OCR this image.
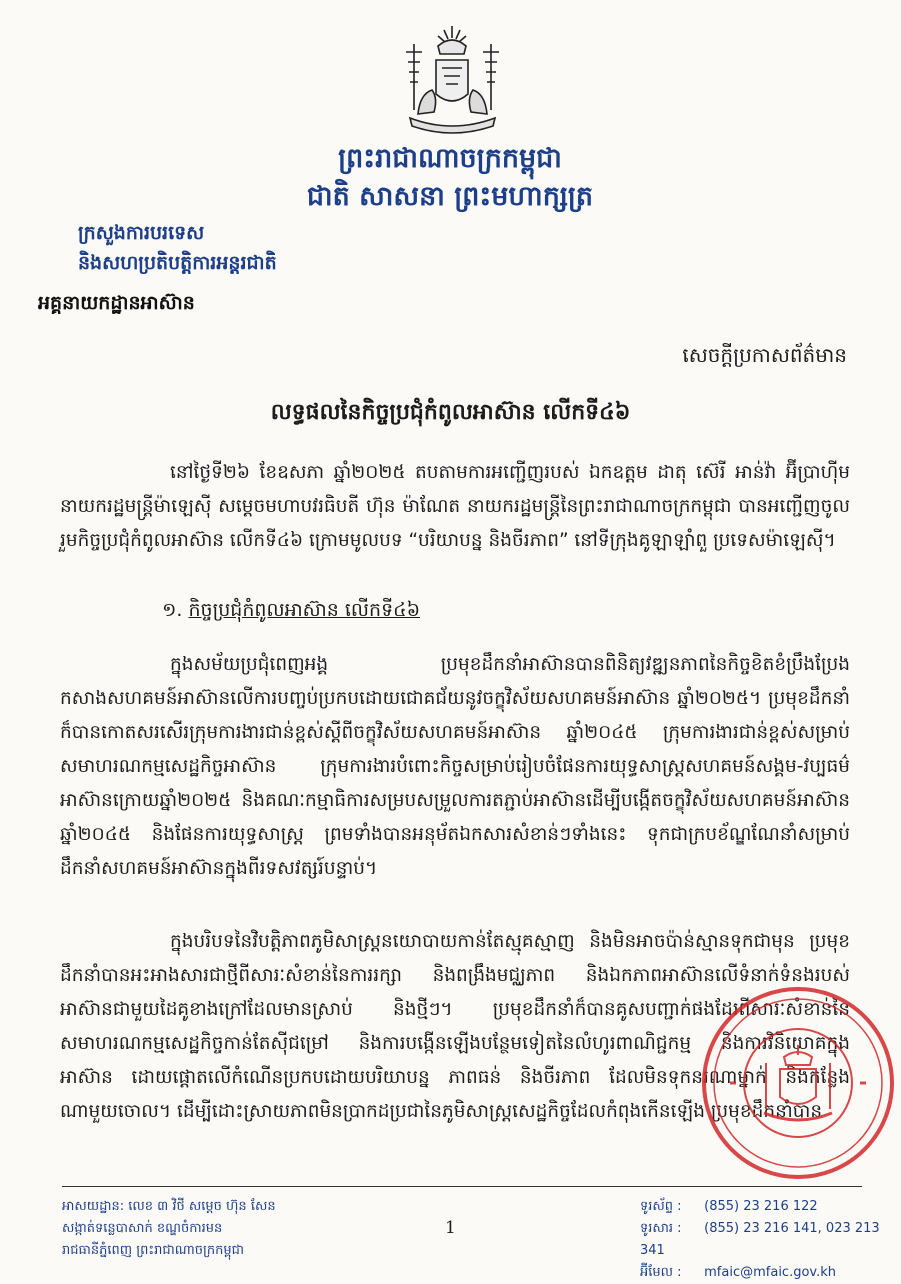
ព្រះរាជាណាចក្រកម្ពុជា
ជាតិ សាសនា ព្រះមហាក្សត្រ
ក្រសួងការបរទេស
និងសហប្រតិបត្តិការអន្តរជាតិ
អគ្គនាយកដ្ឋានអាស៊ាន
សេចក្តីប្រកាសព័ត៌មាន
លទ្ធផលនៃកិច្ចប្រជុំកំពូលអាស៊ាន លើកទី៤៦
នៅថ្ងៃទី២៦ ខែឧសភា ឆ្នាំ២០២៥ តបតាមការអញ្ជើញរបស់ ឯកឧត្តម ដាតុ ស៊េរី អាន់វ៉ា អ៊ីប្រាហ៊ីម នាយករដ្ឋមន្ត្រីម៉ាឡេស៊ី សម្តេចមហាបវរធិបតី ហ៊ុន ម៉ាណែត នាយករដ្ឋមន្ត្រីនៃព្រះរាជាណាចក្រកម្ពុជា បានអញ្ជើញចូលរួមកិច្ចប្រជុំកំពូលអាស៊ាន លើកទី៤៦ ក្រោមមូលបទ “បរិយាបន្ន និងចីរភាព” នៅទីក្រុងគូឡាឡាំពួ ប្រទេសម៉ាឡេស៊ី។
១. កិច្ចប្រជុំកំពូលអាស៊ាន លើកទី៤៦
ក្នុងសម័យប្រជុំពេញអង្គ ប្រមុខដឹកនាំអាស៊ានបានពិនិត្យវឌ្ឍនភាពនៃកិច្ចខិតខំប្រឹងប្រែងកសាងសហគមន៍អាស៊ានលើការបញ្ចប់ប្រកបដោយជោគជ័យនូវចក្ខុវិស័យសហគមន៍អាស៊ាន ឆ្នាំ២០២៥។ ប្រមុខដឹកនាំក៏បានកោតសរសើរក្រុមការងារជាន់ខ្ពស់ស្តីពីចក្ខុវិស័យសហគមន៍អាស៊ាន ឆ្នាំ២០៤៥ ក្រុមការងារជាន់ខ្ពស់សម្រាប់សមាហរណកម្មសេដ្ឋកិច្ចអាស៊ាន ក្រុមការងារបំពោះកិច្ចសម្រាប់រៀបចំផែនការយុទ្ធសាស្ត្រសហគមន៍សង្គម-វប្បធម៌អាស៊ានក្រោយឆ្នាំ២០២៥ និងគណៈកម្មាធិការសម្របសម្រួលការតភ្ជាប់អាស៊ានដើម្បីបង្កើតចក្ខុវិស័យសហគមន៍អាស៊ាន ឆ្នាំ២០៤៥ និងផែនការយុទ្ធសាស្ត្រ ព្រមទាំងបានអនុម័តឯកសារសំខាន់ៗទាំងនេះ ទុកជាក្របខ័ណ្ឌណែនាំសម្រាប់ដឹកនាំសហគមន៍អាស៊ានក្នុងពីរទសវត្សរ៍បន្ទាប់។
ក្នុងបរិបទនៃវិបត្តិភាពភូមិសាស្ត្រនយោបាយកាន់តែស្មុគស្មាញ និងមិនអាចប៉ាន់ស្មានទុកជាមុន ប្រមុខដឹកនាំបានអះអាងសារជាថ្មីពីសារៈសំខាន់នៃការរក្សា និងពង្រឹងមជ្ឈភាព និងឯកភាពអាស៊ានលើទំនាក់ទំនងរបស់អាស៊ានជាមួយដៃគូខាងក្រៅដែលមានស្រាប់ និងថ្មីៗ។ ប្រមុខដឹកនាំក៏បានគូសបញ្ជាក់ផងដែរពីសារៈសំខាន់នៃសមាហរណកម្មសេដ្ឋកិច្ចកាន់តែស៊ីជម្រៅ និងការបង្កើនឡើងបន្ថែមទៀតនៃលំហូរពាណិជ្ជកម្ម និងការវិនិយោគក្នុងអាស៊ាន ដោយផ្តោតលើកំណើនប្រកបដោយបរិយាបន្ន ភាពធន់ និងចីរភាព ដែលមិនទុកនរណាម្នាក់ និងកន្លែងណាមួយចោល។ ដើម្បីដោះស្រាយភាពមិនប្រាកដប្រជានៃភូមិសាស្ត្រសេដ្ឋកិច្ចដែលកំពុងកើនឡើង ប្រមុខដឹកនាំបាន
អាសយដ្ឋាន: លេខ ៣ វិថី សម្តេច ហ៊ុន សែន
សង្កាត់ទន្លេបាសាក់ ខណ្ឌចំការមន
រាជធានីភ្នំពេញ ព្រះរាជាណាចក្រកម្ពុជា
1
ទូរស័ព្ទ : (855) 23 216 122
ទូរសារ : (855) 23 216 141, 023 213 341
អ៊ីមែល : mfaic@mfaic.gov.kh
